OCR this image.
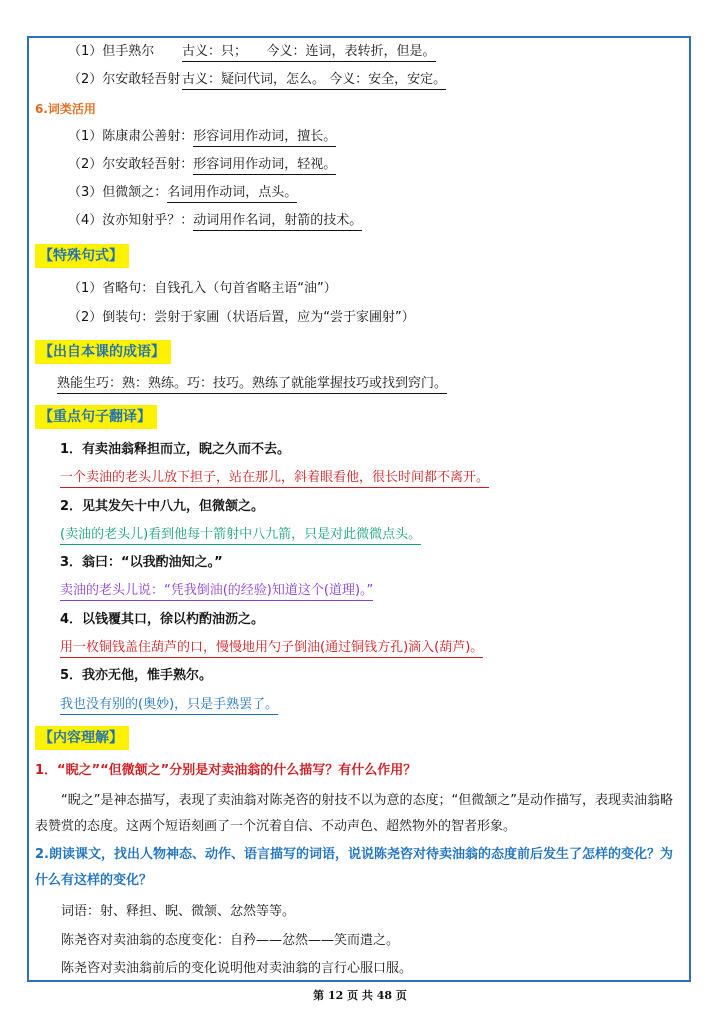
（1）但手熟尔 古义：只；　　今义：连词，表转折，但是。
（2）尔安敢轻吾射 古义：疑问代词，怎么。 今义：安全，安定。
6.词类活用
（1）陈康肃公善射：形容词用作动词，擅长。
（2）尔安敢轻吾射：形容词用作动词，轻视。
（3）但微颔之：名词用作动词，点头。
（4）汝亦知射乎？：动词用作名词，射箭的技术。
【特殊句式】
（1）省略句：自钱孔入（句首省略主语“油”）
（2）倒装句：尝射于家圃（状语后置，应为“尝于家圃射”）
【出自本课的成语】
熟能生巧：熟：熟练。巧：技巧。熟练了就能掌握技巧或找到窍门。
【重点句子翻译】
1．有卖油翁释担而立，睨之久而不去。
一个卖油的老头儿放下担子，站在那儿，斜着眼看他，很长时间都不离开。
2．见其发矢十中八九，但微颔之。
(卖油的老头儿)看到他每十箭射中八九箭，只是对此微微点头。
3．翁曰：“以我酌油知之。”
卖油的老头儿说：“凭我倒油(的经验)知道这个(道理)。”
4．以钱覆其口，徐以杓酌油沥之。
用一枚铜钱盖住葫芦的口，慢慢地用勺子倒油(通过铜钱方孔)滴入(葫芦)。
5．我亦无他，惟手熟尔。
我也没有别的(奥妙)，只是手熟罢了。
【内容理解】
1．“睨之”“但微颔之”分别是对卖油翁的什么描写？有什么作用？
“睨之”是神态描写，表现了卖油翁对陈尧咨的射技不以为意的态度；“但微颔之”是动作描写，表现卖油翁略表赞赏的态度。这两个短语刻画了一个沉着自信、不动声色、超然物外的智者形象。
2.朗读课文，找出人物神态、动作、语言描写的词语，说说陈尧咨对待卖油翁的态度前后发生了怎样的变化？为什么有这样的变化？
词语：射、释担、睨、微颔、忿然等等。
陈尧咨对卖油翁的态度变化：自矜——忿然——笑而遣之。
陈尧咨对卖油翁前后的变化说明他对卖油翁的言行心服口服。
第 12 页 共 48 页
